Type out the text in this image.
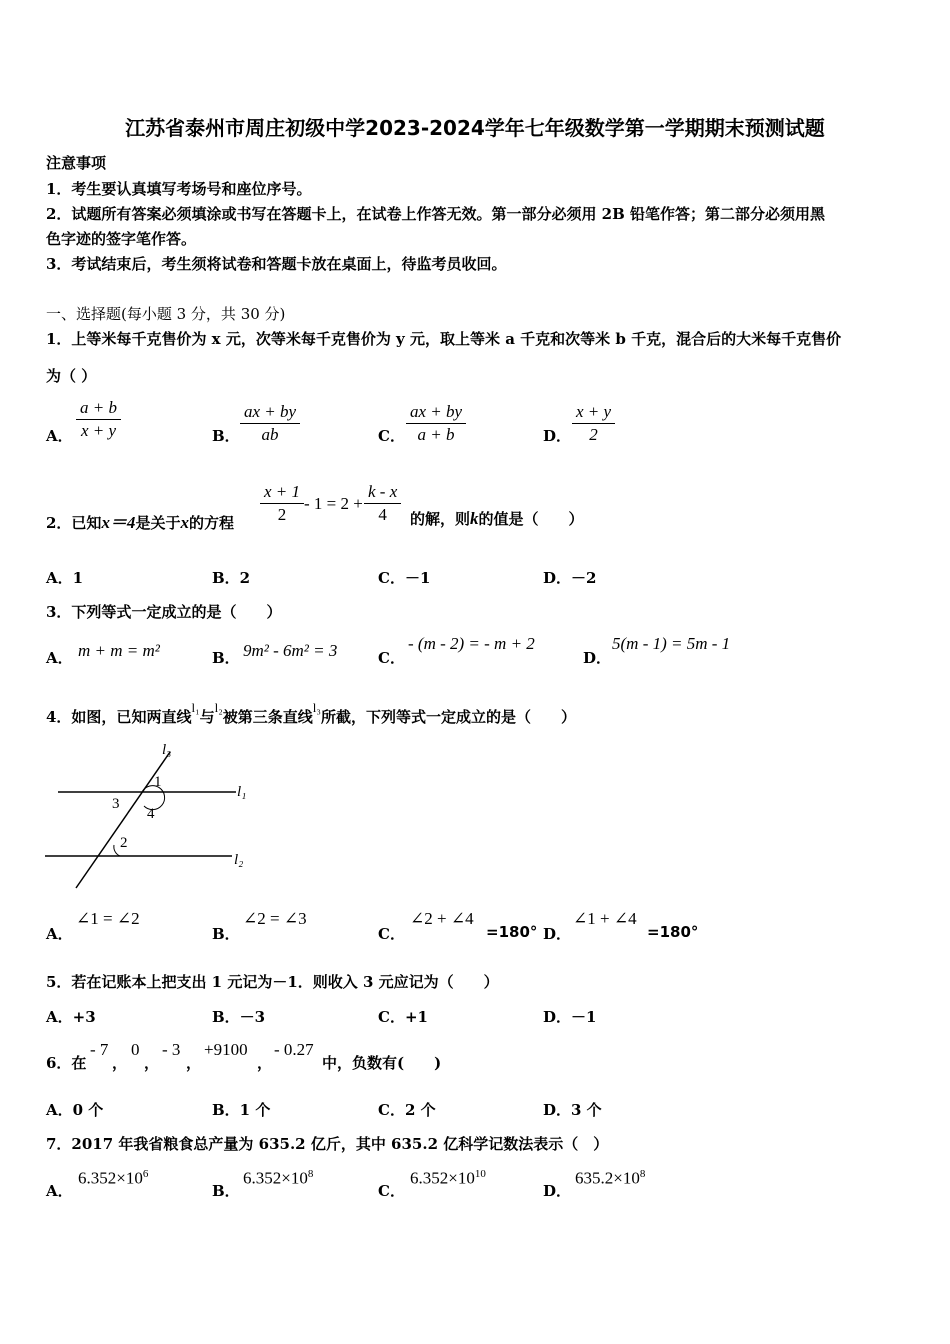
江苏省泰州市周庄初级中学2023-2024学年七年级数学第一学期期末预测试题
注意事项
1．考生要认真填写考场号和座位序号。
2．试题所有答案必须填涂或书写在答题卡上，在试卷上作答无效。第一部分必须用 2B 铅笔作答；第二部分必须用黑
色字迹的签字笔作答。
3．考试结束后，考生须将试卷和答题卡放在桌面上，待监考员收回。
一、选择题(每小题 3 分，共 30 分)
1．上等米每千克售价为 x 元，次等米每千克售价为 y 元，取上等米 a 千克和次等米 b 千克，混合后的大米每千克售价
为（ ）
A． $\frac{a + b}{x + y}$	B． $\frac{ax + by}{ab}$	C． $\frac{ax + by}{a + b}$	D． $\frac{x + y}{2}$
2．已知x＝4是关于x的方程 $\frac{x + 1}{2} - 1 = 2 + \frac{k - x}{4}$ 的解，则k的值是（　　）
A．1	B．2	C．－1	D．－2
3．下列等式一定成立的是（　　）
A． m + m = m²	B． 9m² - 6m² = 3	C．
- (m - 2) = - m + 2
D．
5(m - 1) = 5m - 1
4．如图，已知两直线l₁与l₂被第三条直线l₃所截，下列等式一定成立的是（　　）
l₃
l₁
l₂
1
2
3
4
A．
∠1 = ∠2
B．
∠2 = ∠3
C．
∠2 + ∠4
=180° D．
∠1 + ∠4
=180°
5．若在记账本上把支出 1 元记为－1．则收入 3 元应记为（　　）
A．+3	B．－3	C．+1	D．－1
6．在
- 7
，
0
，
- 3
，
+9100
，
- 0.27
中，负数有(　　)
A．0 个	B．1 个	C．2 个	D．3 个
7．2017 年我省粮食总产量为 635.2 亿斤，其中 635.2 亿科学记数法表示（　）
A．
$6.352\times 10^6$
B．
$6.352\times 10^8$
C．
$6.352\times 10^{10}$
D．
$635.2\times 10^8$
